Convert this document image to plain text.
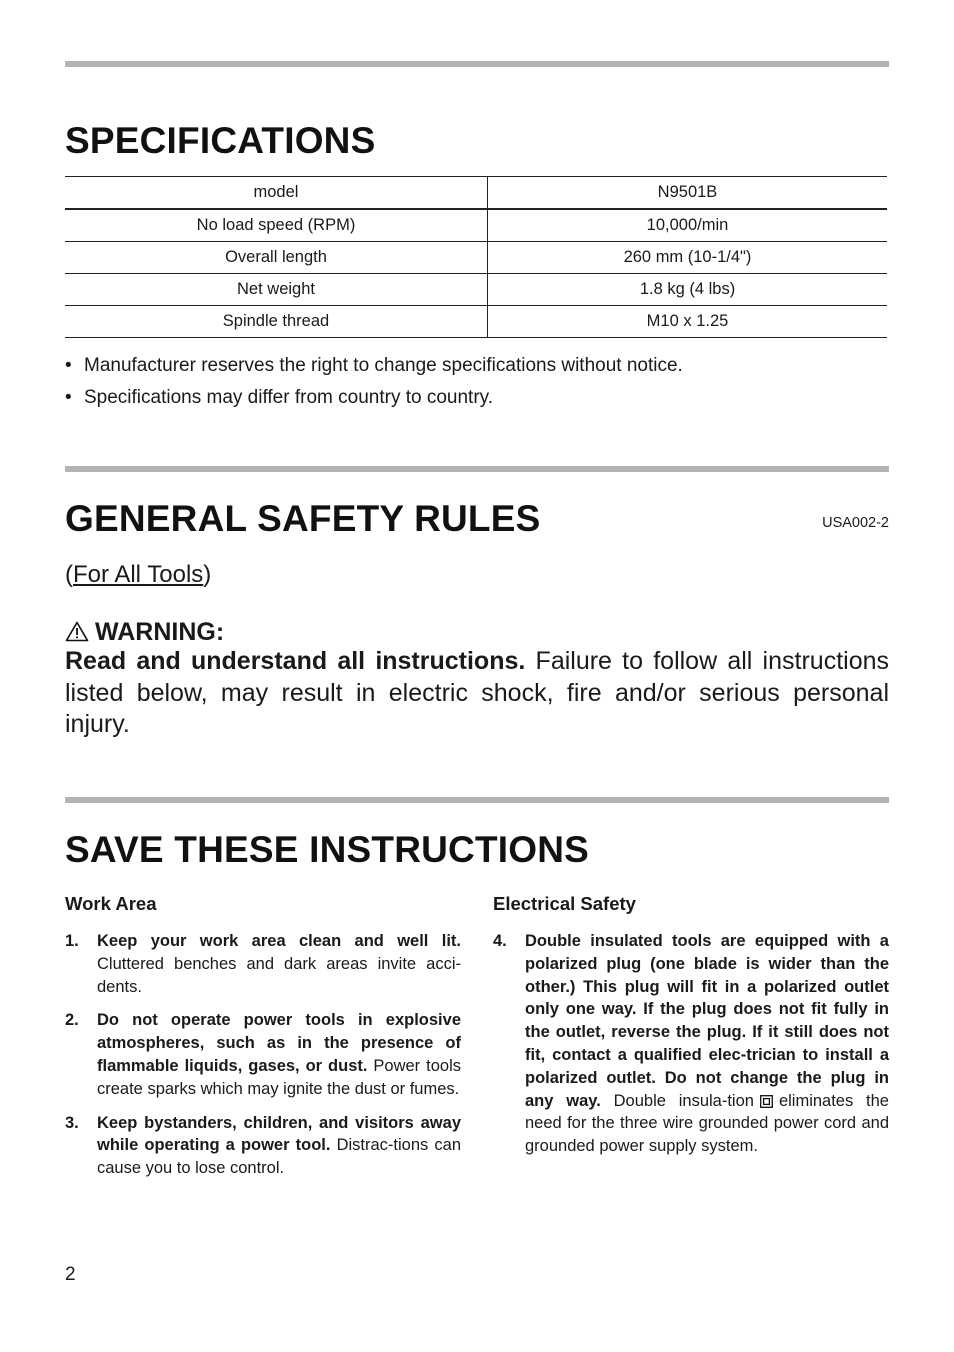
SPECIFICATIONS
model	N9501B
No load speed (RPM)	10,000/min
Overall length	260 mm (10-1/4")
Net weight	1.8 kg (4 lbs)
Spindle thread	M10 x 1.25
• Manufacturer reserves the right to change specifications without notice.
• Specifications may differ from country to country.
GENERAL SAFETY RULES	USA002-2
(For All Tools)
WARNING:

Read and understand all instructions. Failure to follow all instructions listed below, may result in electric shock, fire and/or serious personal injury.

SAVE THESE INSTRUCTIONS
Work Area
1. Keep your work area clean and well lit. Cluttered benches and dark areas invite acci-dents.
2. Do not operate power tools in explosive atmospheres, such as in the presence of flammable liquids, gases, or dust. Power tools create sparks which may ignite the dust or fumes.
3. Keep bystanders, children, and visitors away while operating a power tool. Distrac-tions can cause you to lose control.
Electrical Safety
4. Double insulated tools are equipped with a polarized plug (one blade is wider than the other.) This plug will fit in a polarized outlet only one way. If the plug does not fit fully in the outlet, reverse the plug. If it still does not fit, contact a qualified elec-trician to install a polarized outlet. Do not change the plug in any way. Double insula-tion eliminates the need for the three wire grounded power cord and grounded power supply system.
2
